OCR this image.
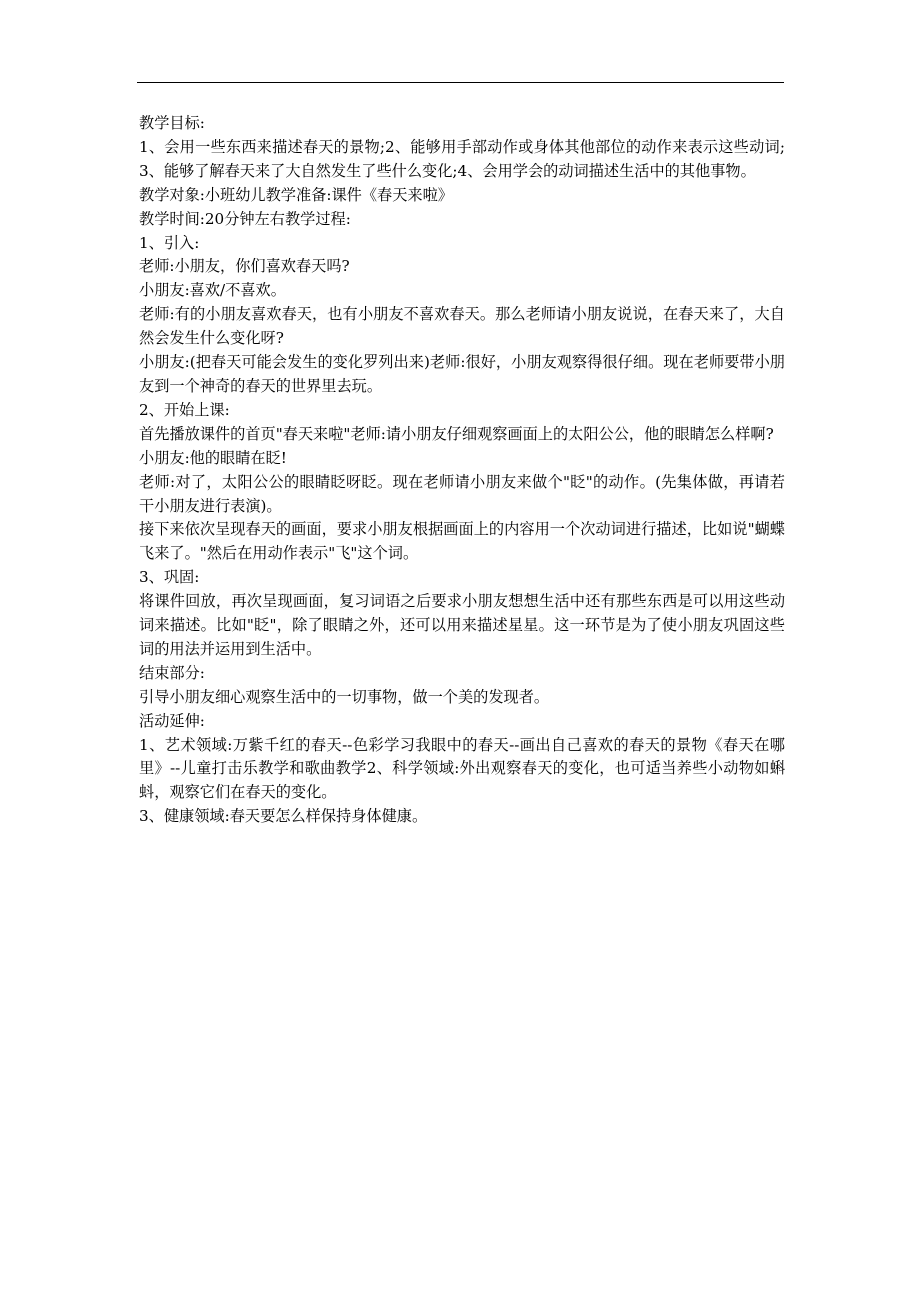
教学目标:

1、会用一些东西来描述春天的景物;2、能够用手部动作或身体其他部位的动作来表示这些动词;3、能够了解春天来了大自然发生了些什么变化;4、会用学会的动词描述生活中的其他事物。

教学对象:小班幼儿教学准备:课件《春天来啦》

教学时间:20分钟左右教学过程:

1、引入:

老师:小朋友，你们喜欢春天吗?

小朋友:喜欢/不喜欢。

老师:有的小朋友喜欢春天，也有小朋友不喜欢春天。那么老师请小朋友说说，在春天来了，大自然会发生什么变化呀?

小朋友:(把春天可能会发生的变化罗列出来)老师:很好，小朋友观察得很仔细。现在老师要带小朋友到一个神奇的春天的世界里去玩。

2、开始上课:

首先播放课件的首页"春天来啦"老师:请小朋友仔细观察画面上的太阳公公，他的眼睛怎么样啊?

小朋友:他的眼睛在眨!

老师:对了，太阳公公的眼睛眨呀眨。现在老师请小朋友来做个"眨"的动作。(先集体做，再请若干小朋友进行表演)。

接下来依次呈现春天的画面，要求小朋友根据画面上的内容用一个次动词进行描述，比如说"蝴蝶飞来了。"然后在用动作表示"飞"这个词。

3、巩固:

将课件回放，再次呈现画面，复习词语之后要求小朋友想想生活中还有那些东西是可以用这些动词来描述。比如"眨"，除了眼睛之外，还可以用来描述星星。这一环节是为了使小朋友巩固这些词的用法并运用到生活中。

结束部分:

引导小朋友细心观察生活中的一切事物，做一个美的发现者。

活动延伸:

1、艺术领域:万紫千红的春天--色彩学习我眼中的春天--画出自己喜欢的春天的景物《春天在哪里》--儿童打击乐教学和歌曲教学2、科学领域:外出观察春天的变化，也可适当养些小动物如蝌蚪，观察它们在春天的变化。

3、健康领域:春天要怎么样保持身体健康。
